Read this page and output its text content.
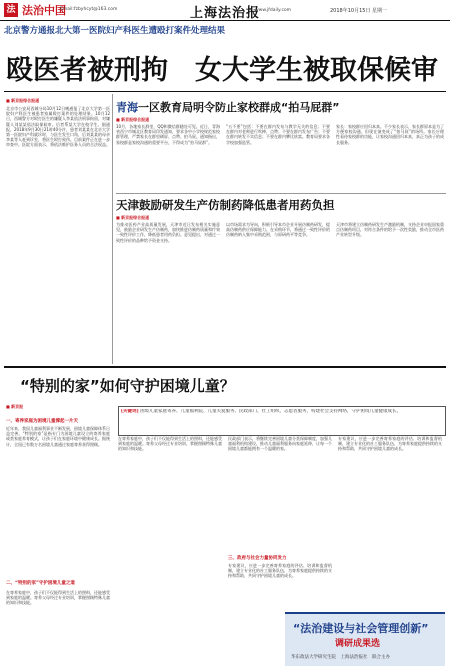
法 法治中国
Email:fzbyhcyt@163.com	上海法治报
www.jfdaily.com	2018年10月15日 星期一
北京警方通报北大第一医院妇产科医生遭殴打案件处理结果
殴医者被刑拘　女大学生被取保候审
■ 新京报综合报道
北京市公安局西城分局10月12日晚通报了北京大学第一医院妇产科医生被患者家属殴打案件的处理结果。10月12日，西城警方对殴打医生的嫌疑人李某依法刑事拘留，对嫌疑人刘某某依法取保候审。后者系某大学在校学生。据通报，2018年9月30日21时40分许，患者刘某某在北京大学第一医院妇产科就诊时，与医生发生口角，后刘某某的母亲李某等人赶到诊室，将医生殴打致伤。目前案件正在进一步审查中。医院方面表示，将依法维护医务人员的合法权益。
青海一区教育局明令防止家校群成“拍马屁群”
■ 新京报综合报道
10月，各地家长群里，QQ和微信群随处可见。近日，青海省西宁市城北区教育局印发通知，要求各中小学校规范家校群管理，严禁家长在群里刷屏、点赞、拍马屁。通知指出，家校群是家校沟通的重要平台，不得成为“拍马屁群”。
“五不要”包括：不要在群内发布与教学无关的信息；不要在群内对老师进行吹捧、点赞；不要在群内发布广告；不要在群内转发不实信息；不要在群内攀比炫富。教育局要求各学校加强监管。
家长：家校群应回归本真。不少家长表示，家长群原本是为了方便家校沟通，但现在演变成了“拍马屁”的场所。家长应理性看待家校群的功能，让家校沟通回归本真，真正为孩子的成长服务。
天津鼓励研发生产仿制药降低患者用药负担
■ 新京报综合报道
为推动医药产业高质量发展，天津市近日发布相关实施意见，鼓励企业研发生产仿制药，加快推进仿制药质量和疗效一致性评价工作，降低患者用药负担。意见提出，对通过一致性评价的品种给予资金支持。
以市场需求为导向，积极引导本市企业开展仿制药研发，提高仿制药供应保障能力。在采购环节，将通过一致性评价的仿制药纳入集中采购范围，与原研药平等竞争。
天津市将建立仿制药研发生产激励机制，支持企业申报国家重点仿制药项目，对符合条件的给予一次性奖励，推动全市医药产业转型升级。
“特别的家”如何守护困境儿童？
■ 新京报
[关键词] 困境儿童家庭寄养、儿童福利院、儿童关爱服务、民政部门、社工组织、志愿者服务，构建社会支持网络，守护困境儿童健康成长。
一、寄养家庭为困境儿童撑起一片天
近年来，我国儿童福利事业不断发展，困境儿童保障体系日益完善。“特别的家”是指专门为困境儿童设立的寄养家庭或类家庭养育模式，让孩子们在家庭环境中健康成长。据统计，全国已有数万名困境儿童通过家庭寄养获得照顾。
二、“特别的家”守护困境儿童之道
在寄养家庭中，孩子们不仅能得到生活上的照料，还能感受到家庭的温暖。寄养父母经过专业培训，掌握照顾特殊儿童的知识和技能。
在寄养家庭中，孩子们不仅能得到生活上的照料，还能感受到家庭的温暖。寄养父母经过专业培训，掌握照顾特殊儿童的知识和技能。
三、政府与社会力量协同发力
民政部门表示，将继续完善困境儿童分类保障制度，加强儿童福利机构建设，推动儿童福利服务向家庭延伸，让每一个困境儿童都能拥有一个温暖的家。
专家建议，应进一步完善寄养家庭的评估、培训和监督机制，建立专业化的社工服务队伍，为寄养家庭提供持续的支持和帮助，共同守护困境儿童的成长。
专家建议，应进一步完善寄养家庭的评估、培训和监督机制，建立专业化的社工服务队伍，为寄养家庭提供持续的支持和帮助，共同守护困境儿童的成长。
“法治建设与社会管理创新”
调研成果选
华东政法大学研究生院　上海法治报社　联合主办
